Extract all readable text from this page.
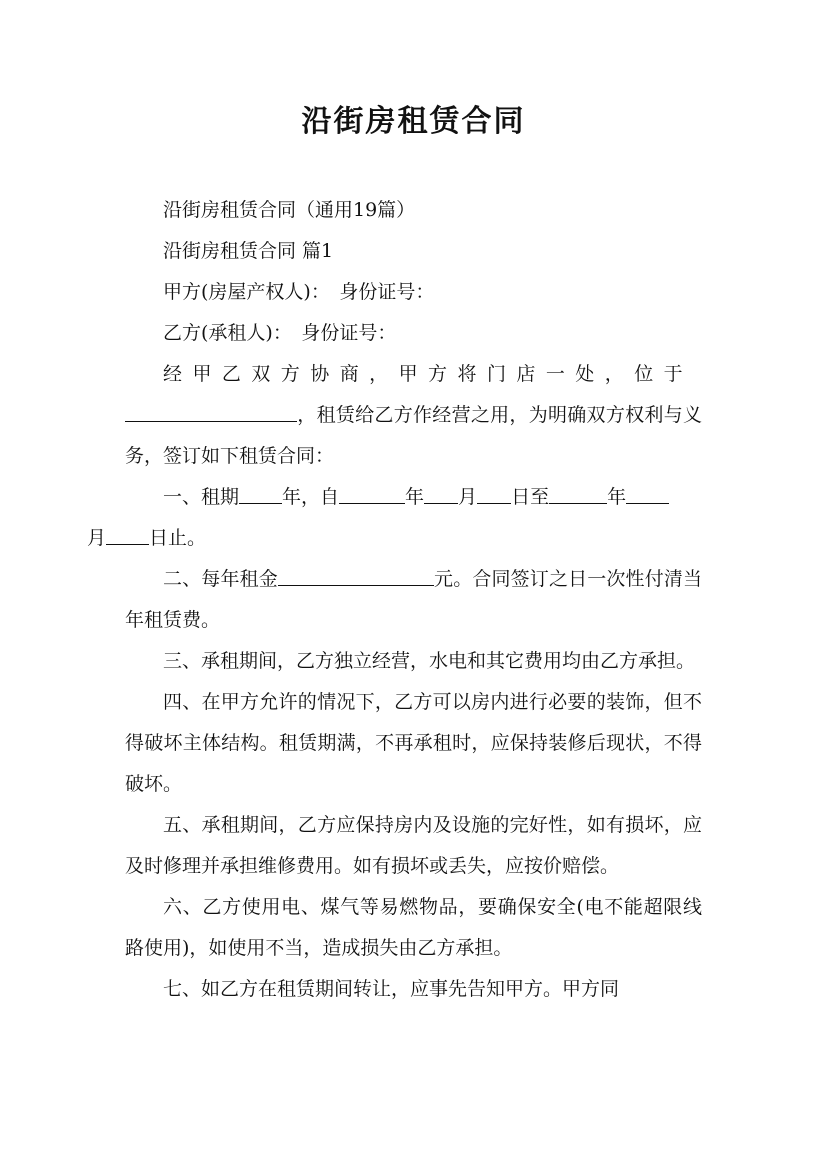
沿街房租赁合同

沿街房租赁合同（通用19篇）

沿街房租赁合同 篇1

甲方(房屋产权人)：　身份证号：

乙方(承租人)：　身份证号：

经甲乙双方协商，甲方将门店一处，位于
，租赁给乙方作经营之用，为明确双方权利与义务，签订如下租赁合同：

一、租期 年，自	年 月 日至	年
月 日止。

二、每年租金	元。合同签订之日一次性付清当年租赁费。

三、承租期间，乙方独立经营，水电和其它费用均由乙方承担。

四、在甲方允许的情况下，乙方可以房内进行必要的装饰，但不得破坏主体结构。租赁期满，不再承租时，应保持装修后现状，不得破坏。

五、承租期间，乙方应保持房内及设施的完好性，如有损坏，应及时修理并承担维修费用。如有损坏或丢失，应按价赔偿。

六、乙方使用电、煤气等易燃物品，要确保安全(电不能超限线路使用)，如使用不当，造成损失由乙方承担。

七、如乙方在租赁期间转让，应事先告知甲方。甲方同
